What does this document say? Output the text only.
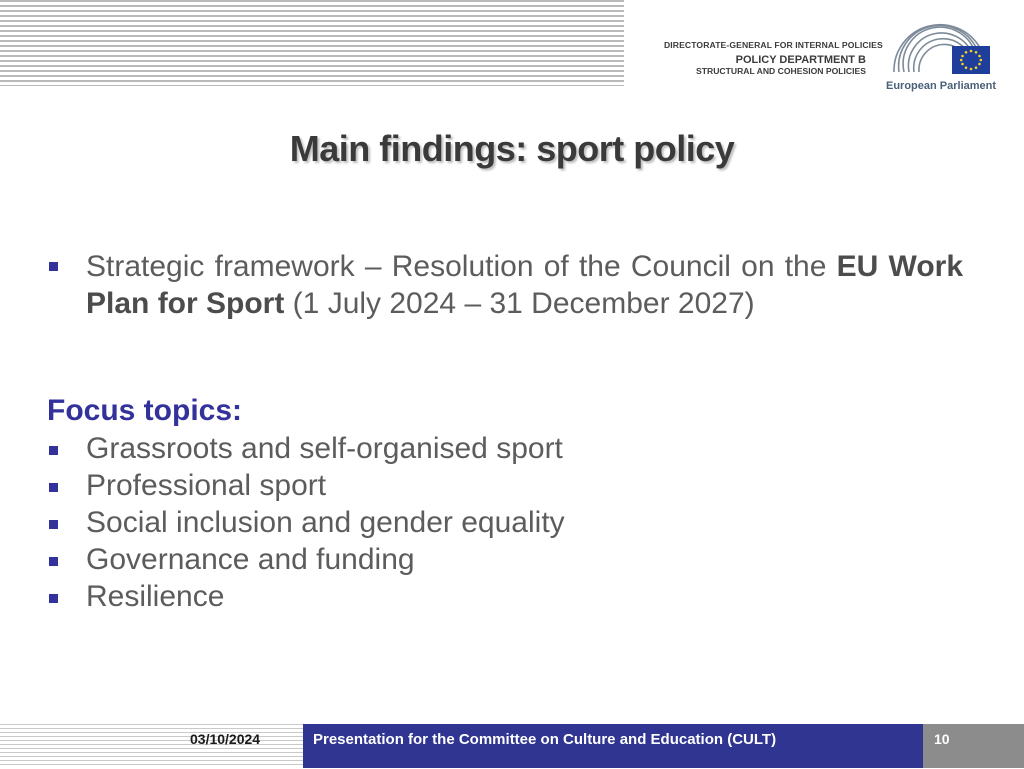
DIRECTORATE-GENERAL FOR INTERNAL POLICIES
POLICY DEPARTMENT B
STRUCTURAL AND COHESION POLICIES
European Parliament
Main findings: sport policy
Strategic framework – Resolution of the Council on the EU Work Plan for Sport (1 July 2024 – 31 December 2027)
Focus topics:
Grassroots and self-organised sport
Professional sport
Social inclusion and gender equality
Governance and funding
Resilience
03/10/2024	Presentation for the Committee on Culture and Education (CULT)	10
